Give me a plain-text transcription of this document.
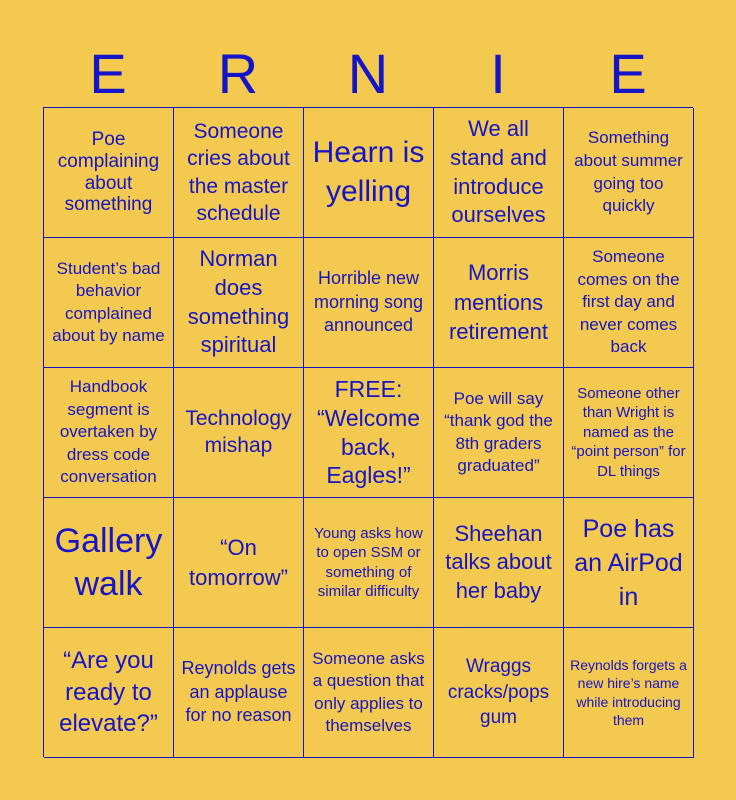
E	R	N	I	E
Poe complaining about something
Someone cries about the master schedule
Hearn is yelling
We all stand and introduce ourselves
Something about summer going too quickly
Student’s bad behavior complained about by name
Norman does something spiritual
Horrible new morning song announced
Morris mentions retirement
Someone comes on the first day and never comes back
Handbook segment is overtaken by dress code conversation
Technology mishap
FREE: “Welcome back, Eagles!”
Poe will say “thank god the 8th graders graduated”
Someone other than Wright is named as the “point person” for DL things
Gallery walk
“On tomorrow”
Young asks how to open SSM or something of similar difficulty
Sheehan talks about her baby
Poe has an AirPod in
“Are you ready to elevate?”
Reynolds gets an applause for no reason
Someone asks a question that only applies to themselves
Wraggs cracks/pops gum
Reynolds forgets a new hire’s name while introducing them
